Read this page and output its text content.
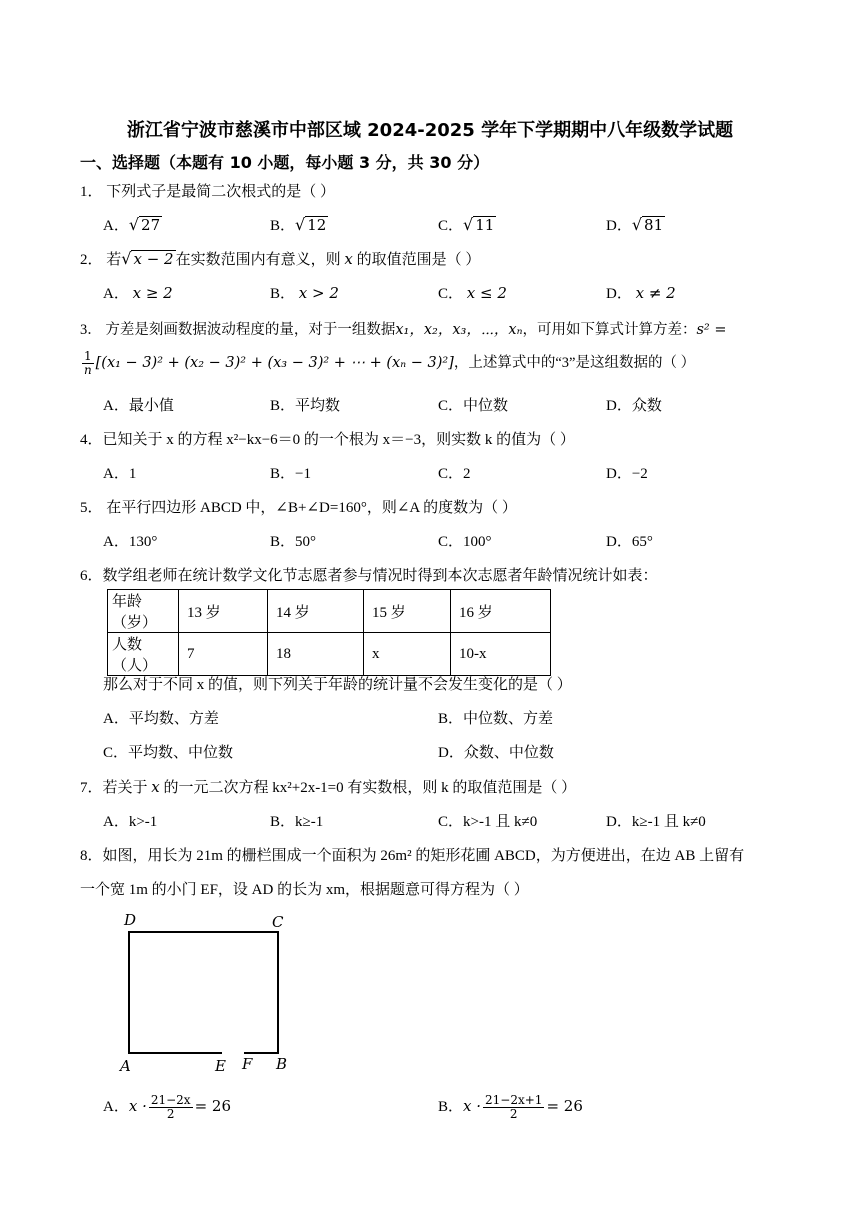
浙江省宁波市慈溪市中部区域 2024-2025 学年下学期期中八年级数学试题
一、选择题（本题有 10 小题，每小题 3 分，共 30 分）
1． 下列式子是最简二次根式的是（ ）
A．√ 27	B．√ 12	C．√ 11	D．√ 81
2． 若√ x − 2 在实数范围内有意义，则 x 的取值范围是（ ）
A． x ≥ 2	B． x > 2	C． x ≤ 2	D． x ≠ 2
3． 方差是刻画数据波动程度的量，对于一组数据x₁，x₂，x₃，⋯，xₙ，可用如下算式计算方差：s² =
$\frac{1}{n} [(x_1 - 3)^2 + (x_2 - 3)^2 + (x_3 - 3)^2$ + ⋯ + (xₙ − 3)²]，上述算式中的“3”是这组数据的（ ）
A．最小值	B．平均数	C．中位数	D．众数
4．已知关于 x 的方程 x²−kx−6＝0 的一个根为 x＝−3，则实数 k 的值为（ ）
A．1	B．−1	C．2	D．−2
5． 在平行四边形 ABCD 中，∠B+∠D=160°，则∠A 的度数为（ ）
A．130°	B．50°	C．100°	D．65°
6．数学组老师在统计数学文化节志愿者参与情况时得到本次志愿者年龄情况统计如表：
年龄（岁）	13 岁	14 岁	15 岁	16 岁
人数（人）	7	18	x	10-x
那么对于不同 x 的值，则下列关于年龄的统计量不会发生变化的是（ ）
A．平均数、方差	B．中位数、方差
C．平均数、中位数	D．众数、中位数
7．若关于 x 的一元二次方程 kx²+2x-1=0 有实数根，则 k 的取值范围是（ ）
A．k>-1	B．k≥-1	C．k>-1 且 k≠0	D．k≥-1 且 k≠0
8．如图，用长为 21m 的栅栏围成一个面积为 26m² 的矩形花圃 ABCD，为方便进出，在边 AB 上留有
一个宽 1m 的小门 EF，设 AD 的长为 xm，根据题意可得方程为（ ）
D	C
A	E F B
A．$x \cdot \frac{21-2x}{2} = 26$	B．$x \cdot \frac{21-2x+1}{2} = 26$
